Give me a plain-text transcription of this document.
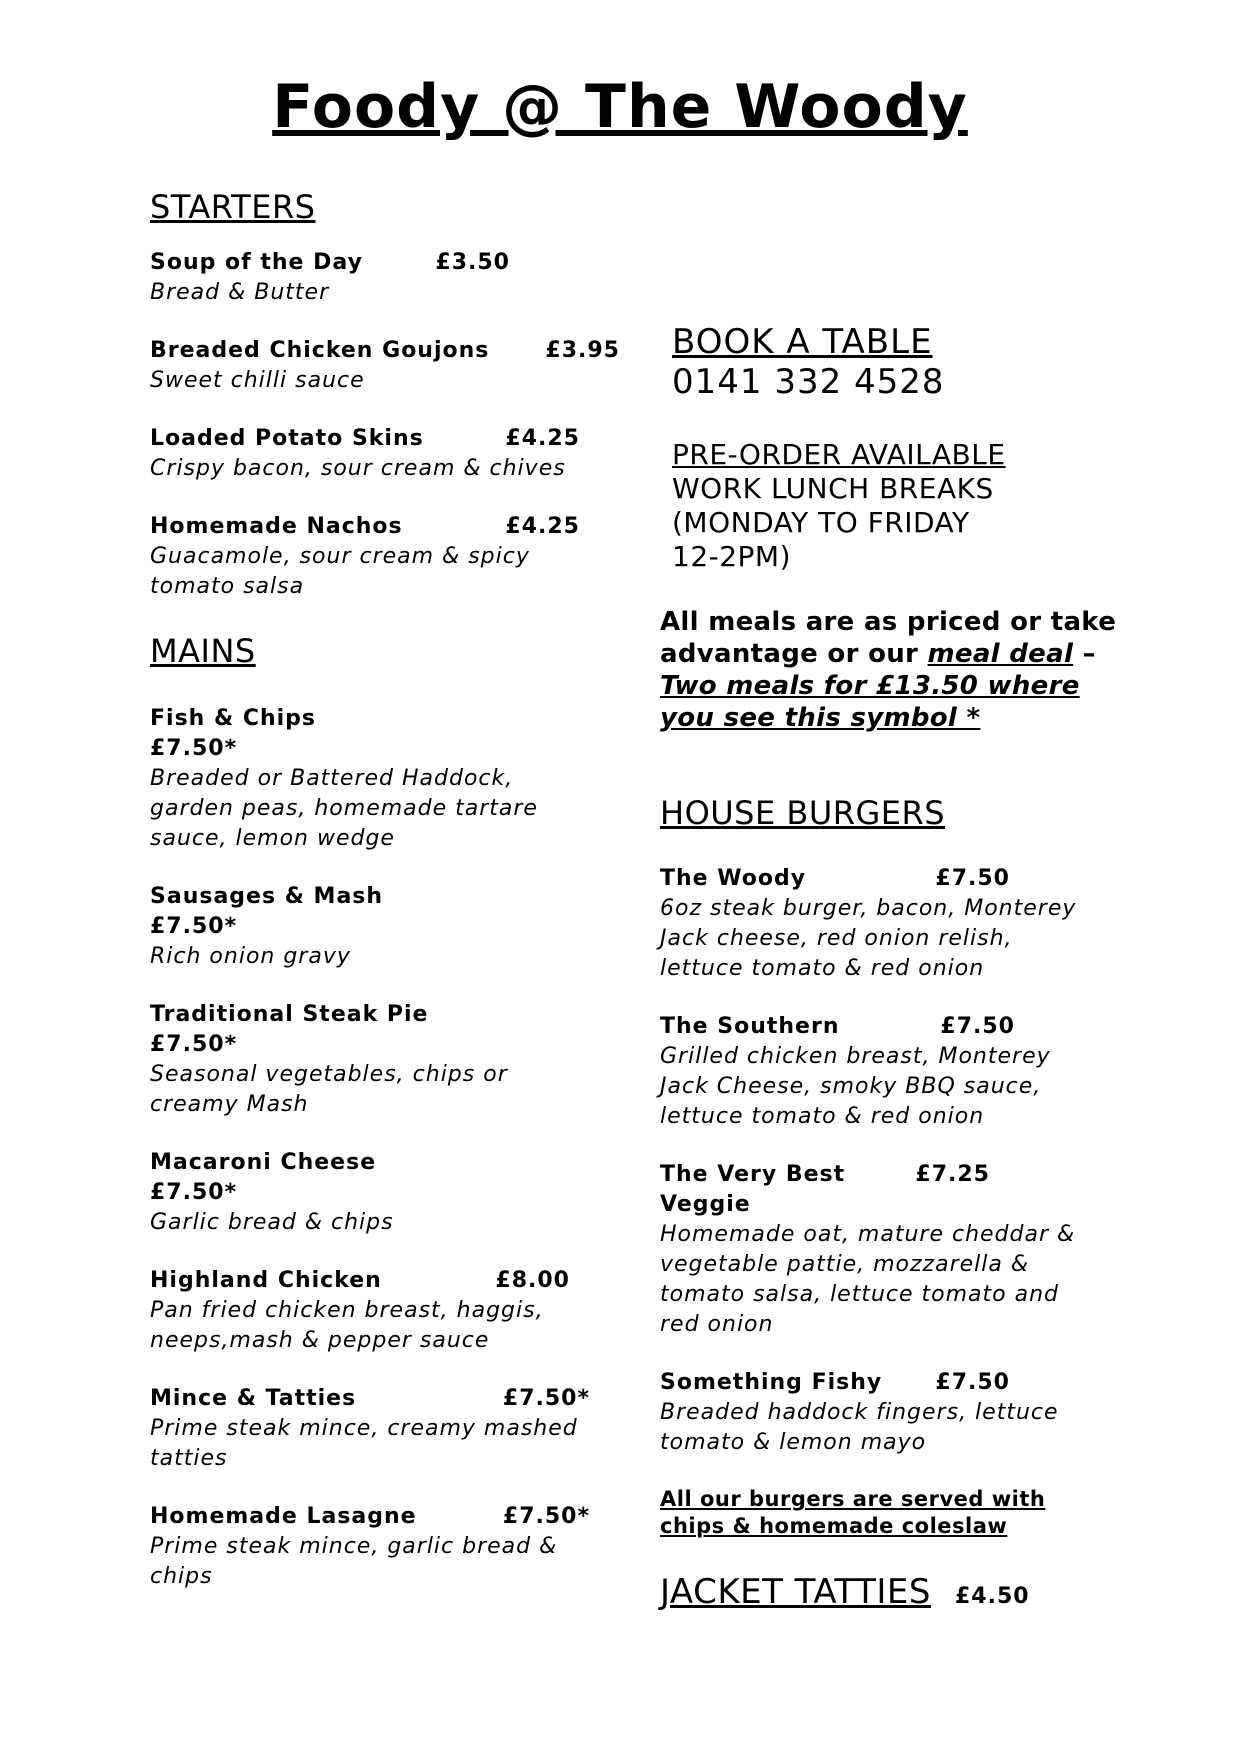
Foody @ The Woody
STARTERS
Soup of the Day	£3.50
Bread & Butter
Breaded Chicken Goujons	£3.95
Sweet chilli sauce
Loaded Potato Skins	£4.25
Crispy bacon, sour cream & chives
Homemade Nachos	£4.25
Guacamole, sour cream & spicy tomato salsa
MAINS
Fish & Chips
£7.50*
Breaded or Battered Haddock, garden peas, homemade tartare sauce, lemon wedge
Sausages & Mash
£7.50*
Rich onion gravy
Traditional Steak Pie
£7.50*
Seasonal vegetables, chips or creamy Mash
Macaroni Cheese
£7.50*
Garlic bread & chips
Highland Chicken	£8.00
Pan fried chicken breast, haggis, neeps,mash & pepper sauce
Mince & Tatties	£7.50*
Prime steak mince, creamy mashed tatties
Homemade Lasagne	£7.50*
Prime steak mince, garlic bread & chips
BOOK A TABLE
0141 332 4528
PRE-ORDER AVAILABLE
WORK LUNCH BREAKS
(MONDAY TO FRIDAY
12-2PM)
All meals are as priced or take advantage or our meal deal – Two meals for £13.50 where you see this symbol *
HOUSE BURGERS
The Woody	£7.50
6oz steak burger, bacon, Monterey Jack cheese, red onion relish, lettuce tomato & red onion
The Southern	£7.50
Grilled chicken breast, Monterey Jack Cheese, smoky BBQ sauce, lettuce tomato & red onion
The Very Best Veggie
£7.25
Homemade oat, mature cheddar & vegetable pattie, mozzarella & tomato salsa, lettuce tomato and red onion
Something Fishy £7.50
Breaded haddock fingers, lettuce tomato & lemon mayo
All our burgers are served with chips & homemade coleslaw
JACKET TATTIES £4.50
